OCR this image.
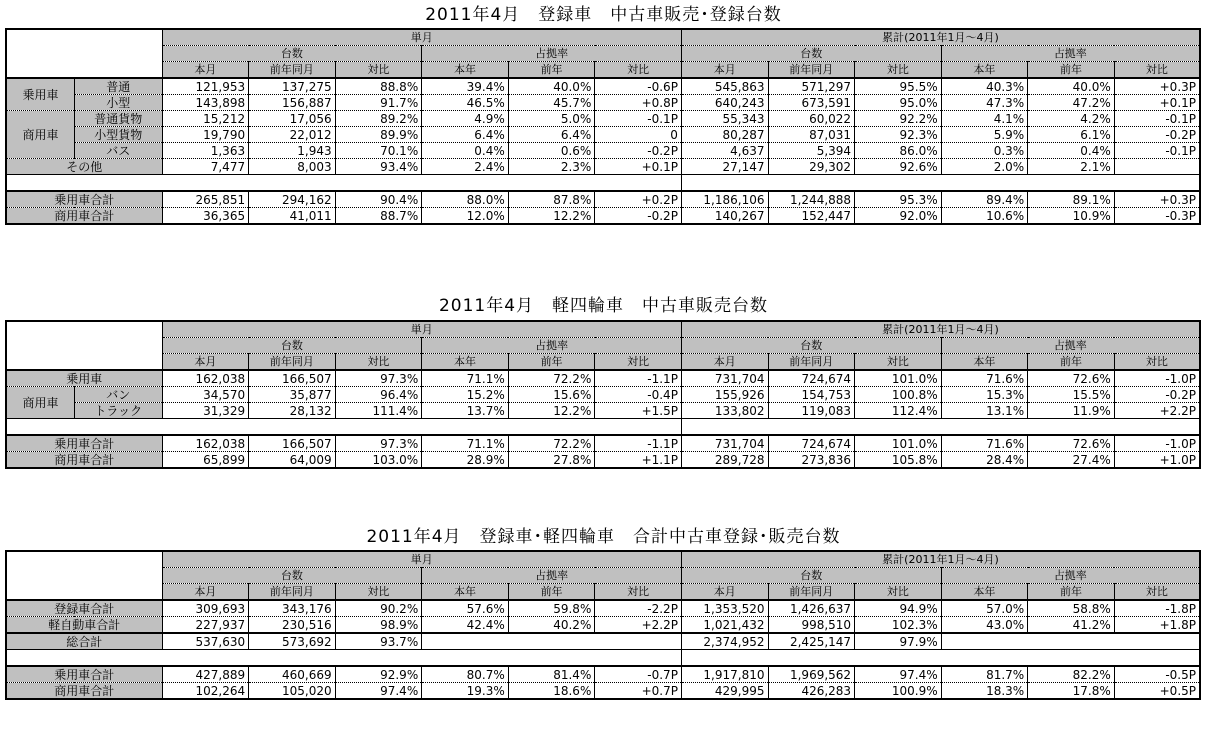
2011年4月　登録車　中古車販売･登録台数
		単月						累計(2011年1月～4月)					
		台数			占拠率			台数			占拠率		
		本月	前年同月	対比	本年	前年	対比	本月	前年同月	対比	本年	前年	対比
乗用車	普通	121,953	137,275	88.8%	39.4%	40.0%	-0.6P	545,863	571,297	95.5%	40.3%	40.0%	+0.3P
	小型	143,898	156,887	91.7%	46.5%	45.7%	+0.8P	640,243	673,591	95.0%	47.3%	47.2%	+0.1P
商用車	普通貨物	15,212	17,056	89.2%	4.9%	5.0%	-0.1P	55,343	60,022	92.2%	4.1%	4.2%	-0.1P
	小型貨物	19,790	22,012	89.9%	6.4%	6.4%	0	80,287	87,031	92.3%	5.9%	6.1%	-0.2P
	バス	1,363	1,943	70.1%	0.4%	0.6%	-0.2P	4,637	5,394	86.0%	0.3%	0.4%	-0.1P
その他		7,477	8,003	93.4%	2.4%	2.3%	+0.1P	27,147	29,302	92.6%	2.0%	2.1%	

乗用車合計		265,851	294,162	90.4%	88.0%	87.8%	+0.2P	1,186,106	1,244,888	95.3%	89.4%	89.1%	+0.3P
商用車合計		36,365	41,011	88.7%	12.0%	12.2%	-0.2P	140,267	152,447	92.0%	10.6%	10.9%	-0.3P
2011年4月　軽四輪車　中古車販売台数
		単月						累計(2011年1月～4月)					
		台数			占拠率			台数			占拠率		
		本月	前年同月	対比	本年	前年	対比	本月	前年同月	対比	本年	前年	対比
乗用車		162,038	166,507	97.3%	71.1%	72.2%	-1.1P	731,704	724,674	101.0%	71.6%	72.6%	-1.0P
商用車	バン	34,570	35,877	96.4%	15.2%	15.6%	-0.4P	155,926	154,753	100.8%	15.3%	15.5%	-0.2P
	トラック	31,329	28,132	111.4%	13.7%	12.2%	+1.5P	133,802	119,083	112.4%	13.1%	11.9%	+2.2P

乗用車合計		162,038	166,507	97.3%	71.1%	72.2%	-1.1P	731,704	724,674	101.0%	71.6%	72.6%	-1.0P
商用車合計		65,899	64,009	103.0%	28.9%	27.8%	+1.1P	289,728	273,836	105.8%	28.4%	27.4%	+1.0P
2011年4月　登録車･軽四輪車　合計中古車登録･販売台数
	単月						累計(2011年1月～4月)					
	台数			占拠率			台数			占拠率		
	本月	前年同月	対比	本年	前年	対比	本月	前年同月	対比	本年	前年	対比
登録車合計	309,693	343,176	90.2%	57.6%	59.8%	-2.2P	1,353,520	1,426,637	94.9%	57.0%	58.8%	-1.8P
軽自動車合計	227,937	230,516	98.9%	42.4%	40.2%	+2.2P	1,021,432	998,510	102.3%	43.0%	41.2%	+1.8P
総合計	537,630	573,692	93.7%				2,374,952	2,425,147	97.9%			

乗用車合計	427,889	460,669	92.9%	80.7%	81.4%	-0.7P	1,917,810	1,969,562	97.4%	81.7%	82.2%	-0.5P
商用車合計	102,264	105,020	97.4%	19.3%	18.6%	+0.7P	429,995	426,283	100.9%	18.3%	17.8%	+0.5P
